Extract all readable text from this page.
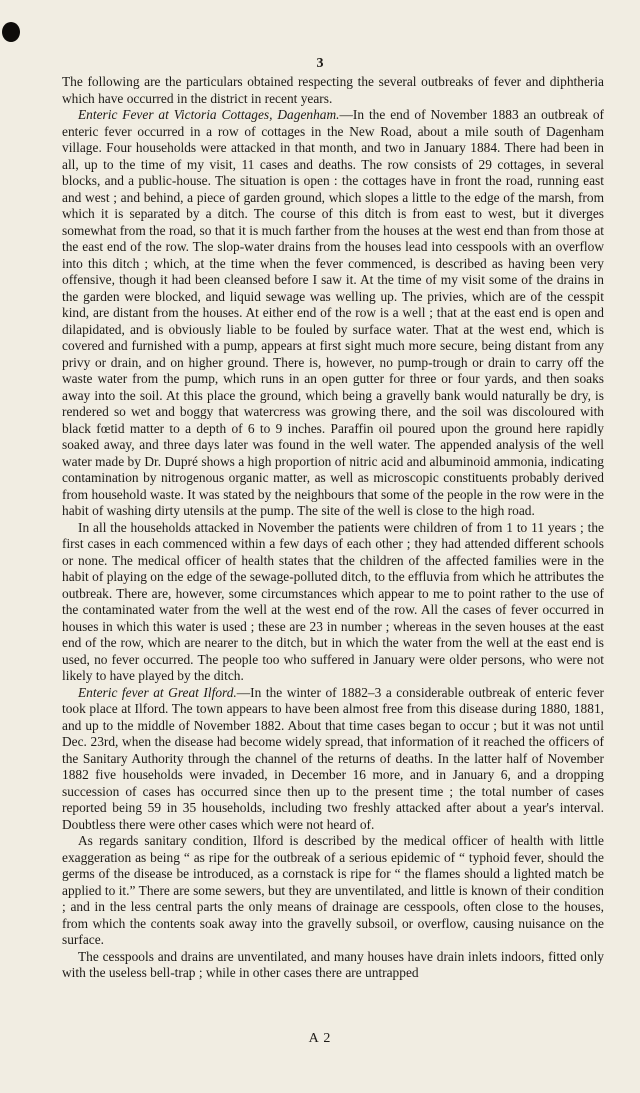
3

The following are the particulars obtained respecting the several outbreaks of fever and diphtheria which have occurred in the district in recent years.

Enteric Fever at Victoria Cottages, Dagenham.—In the end of November 1883 an outbreak of enteric fever occurred in a row of cottages in the New Road, about a mile south of Dagenham village. Four households were attacked in that month, and two in January 1884. There had been in all, up to the time of my visit, 11 cases and deaths. The row consists of 29 cottages, in several blocks, and a public-house. The situation is open : the cottages have in front the road, running east and west ; and behind, a piece of garden ground, which slopes a little to the edge of the marsh, from which it is separated by a ditch. The course of this ditch is from east to west, but it diverges somewhat from the road, so that it is much farther from the houses at the west end than from those at the east end of the row. The slop-water drains from the houses lead into cesspools with an overflow into this ditch ; which, at the time when the fever commenced, is described as having been very offensive, though it had been cleansed before I saw it. At the time of my visit some of the drains in the garden were blocked, and liquid sewage was welling up. The privies, which are of the cesspit kind, are distant from the houses. At either end of the row is a well ; that at the east end is open and dilapidated, and is obviously liable to be fouled by surface water. That at the west end, which is covered and furnished with a pump, appears at first sight much more secure, being distant from any privy or drain, and on higher ground. There is, however, no pump-trough or drain to carry off the waste water from the pump, which runs in an open gutter for three or four yards, and then soaks away into the soil. At this place the ground, which being a gravelly bank would naturally be dry, is rendered so wet and boggy that watercress was growing there, and the soil was discoloured with black fœtid matter to a depth of 6 to 9 inches. Paraffin oil poured upon the ground here rapidly soaked away, and three days later was found in the well water. The appended analysis of the well water made by Dr. Dupré shows a high proportion of nitric acid and albuminoid ammonia, indicating contamination by nitrogenous organic matter, as well as microscopic constituents probably derived from household waste. It was stated by the neighbours that some of the people in the row were in the habit of washing dirty utensils at the pump. The site of the well is close to the high road.

In all the households attacked in November the patients were children of from 1 to 11 years ; the first cases in each commenced within a few days of each other ; they had attended different schools or none. The medical officer of health states that the children of the affected families were in the habit of playing on the edge of the sewage-polluted ditch, to the effluvia from which he attributes the outbreak. There are, however, some circumstances which appear to me to point rather to the use of the contaminated water from the well at the west end of the row. All the cases of fever occurred in houses in which this water is used ; these are 23 in number ; whereas in the seven houses at the east end of the row, which are nearer to the ditch, but in which the water from the well at the east end is used, no fever occurred. The people too who suffered in January were older persons, who were not likely to have played by the ditch.

Enteric fever at Great Ilford.—In the winter of 1882–3 a considerable outbreak of enteric fever took place at Ilford. The town appears to have been almost free from this disease during 1880, 1881, and up to the middle of November 1882. About that time cases began to occur ; but it was not until Dec. 23rd, when the disease had become widely spread, that information of it reached the officers of the Sanitary Authority through the channel of the returns of deaths. In the latter half of November 1882 five households were invaded, in December 16 more, and in January 6, and a dropping succession of cases has occurred since then up to the present time ; the total number of cases reported being 59 in 35 households, including two freshly attacked after about a year's interval. Doubtless there were other cases which were not heard of.

As regards sanitary condition, Ilford is described by the medical officer of health with little exaggeration as being “ as ripe for the outbreak of a serious epidemic of “ typhoid fever, should the germs of the disease be introduced, as a cornstack is ripe for “ the flames should a lighted match be applied to it.” There are some sewers, but they are unventilated, and little is known of their condition ; and in the less central parts the only means of drainage are cesspools, often close to the houses, from which the contents soak away into the gravelly subsoil, or overflow, causing nuisance on the surface.

The cesspools and drains are unventilated, and many houses have drain inlets indoors, fitted only with the useless bell-trap ; while in other cases there are untrapped

A 2
